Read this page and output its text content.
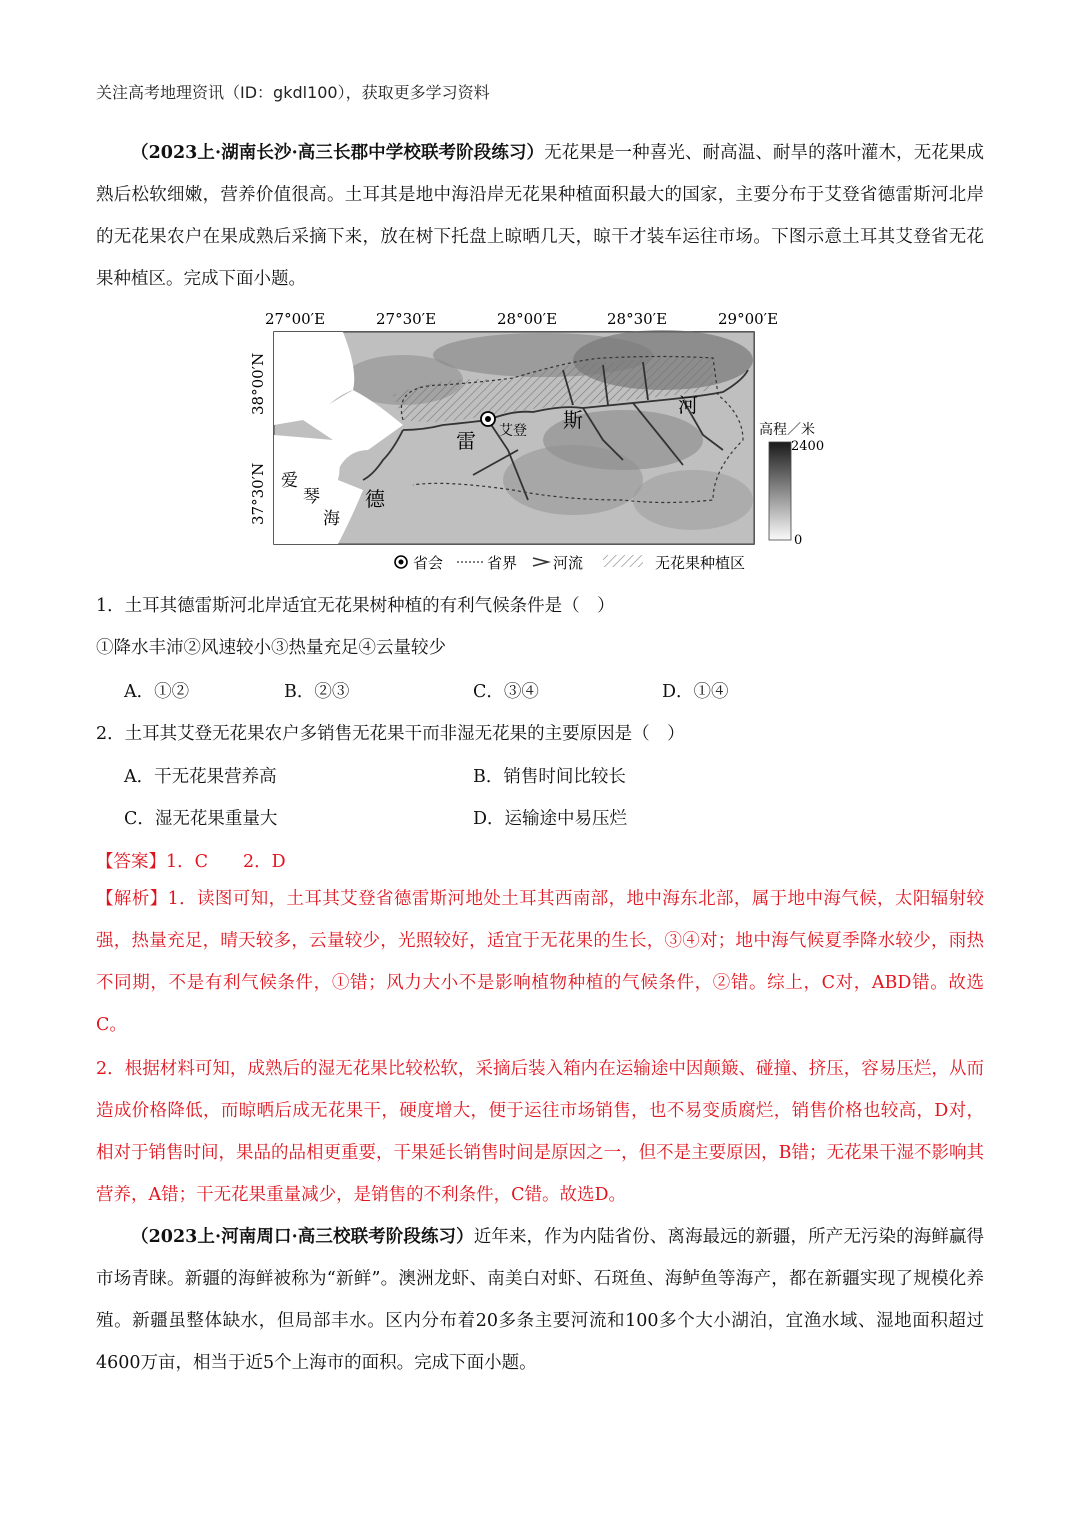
关注高考地理资讯（ID：gkdl100），获取更多学习资料
（2023上·湖南长沙·高三长郡中学校联考阶段练习）无花果是一种喜光、耐高温、耐旱的落叶灌木，无花果成熟后松软细嫩，营养价值很高。土耳其是地中海沿岸无花果种植面积最大的国家，主要分布于艾登省德雷斯河北岸的无花果农户在果成熟后采摘下来，放在树下托盘上晾晒几天，晾干才装车运往市场。下图示意土耳其艾登省无花果种植区。完成下面小题。
27°00′E	27°30′E	28°00′E	28°30′E	29°00′E
38°00′N
37°30′N
艾登
德
雷
斯
河
爱
琴
海
高程／米
2400
0
省会	省界 河流	无花果种植区
1．土耳其德雷斯河北岸适宜无花果树种植的有利气候条件是（　）
①降水丰沛②风速较小③热量充足④云量较少
A．①②	B．②③	C．③④	D．①④
2．土耳其艾登无花果农户多销售无花果干而非湿无花果的主要原因是（　）
A．干无花果营养高	B．销售时间比较长
C．湿无花果重量大	D．运输途中易压烂
【答案】1．C　　2．D
【解析】1．读图可知，土耳其艾登省德雷斯河地处土耳其西南部，地中海东北部，属于地中海气候，太阳辐射较强，热量充足，晴天较多，云量较少，光照较好，适宜于无花果的生长，③④对；地中海气候夏季降水较少，雨热不同期，不是有利气候条件，①错；风力大小不是影响植物种植的气候条件，②错。综上，C对，ABD错。故选C。
2．根据材料可知，成熟后的湿无花果比较松软，采摘后装入箱内在运输途中因颠簸、碰撞、挤压，容易压烂，从而造成价格降低，而晾晒后成无花果干，硬度增大，便于运往市场销售，也不易变质腐烂，销售价格也较高，D对，相对于销售时间，果品的品相更重要，干果延长销售时间是原因之一，但不是主要原因，B错；无花果干湿不影响其营养，A错；干无花果重量减少，是销售的不利条件，C错。故选D。
（2023上·河南周口·高三校联考阶段练习）近年来，作为内陆省份、离海最远的新疆，所产无污染的海鲜赢得市场青睐。新疆的海鲜被称为“新鲜”。澳洲龙虾、南美白对虾、石斑鱼、海鲈鱼等海产，都在新疆实现了规模化养殖。新疆虽整体缺水，但局部丰水。区内分布着20多条主要河流和100多个大小湖泊，宜渔水域、湿地面积超过4600万亩，相当于近5个上海市的面积。完成下面小题。
